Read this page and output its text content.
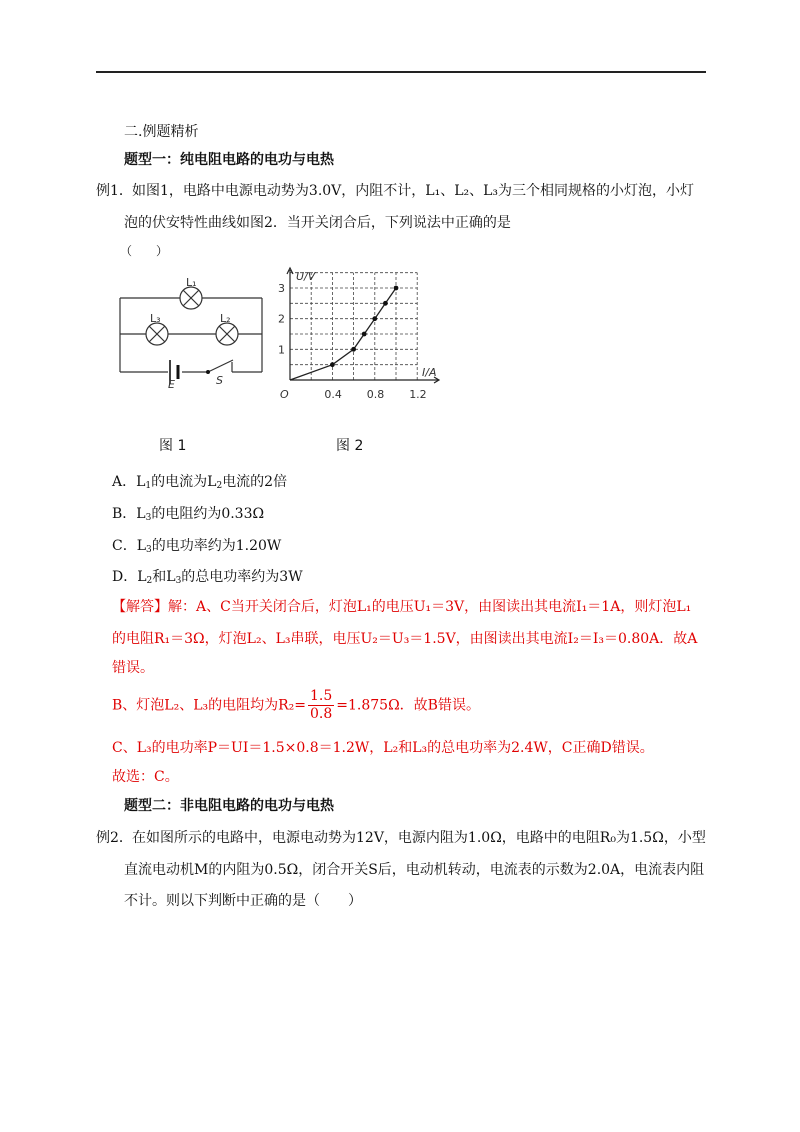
二.例题精析
题型一：纯电阻电路的电功与电热
例1． 如图1，电路中电源电动势为3.0V，内阻不计，L₁、L₂、L₃为三个相同规格的小灯泡，小灯
泡的伏安特性曲线如图2．当开关闭合后，下列说法中正确的是
（　　）
L₁
L₃	L₂
E	S
0.4 0.8 1.2
1
2
3
U/V
I/A
O
图 1	图 2
A．$L_1$的电流为$L_2$电流的2倍
B．$L_3$的电阻约为0.33Ω
C．$L_3$的电功率约为1.20W
D．$L_2$和$L_3$的总电功率约为3W
【解答】解：A、C当开关闭合后，灯泡L₁的电压U₁＝3V，由图读出其电流I₁＝1A，则灯泡L₁
的电阻R₁＝3Ω，灯泡L₂、L₃串联，电压U₂＝U₃＝1.5V，由图读出其电流I₂＝I₃＝0.80A．故A
错误。
B、灯泡L₂、L₃的电阻均为$R_2= \frac{1.5}{0.8} =1.875\Omega$．故B错误。
C、L₃的电功率P＝UI＝1.5×0.8＝1.2W，L₂和L₃的总电功率为2.4W，C正确D错误。
故选：C。
题型二：非电阻电路的电功与电热
例2． 在如图所示的电路中，电源电动势为12V，电源内阻为1.0Ω，电路中的电阻R₀为1.5Ω，小型
直流电动机M的内阻为0.5Ω，闭合开关S后，电动机转动，电流表的示数为2.0A，电流表内阻
不计。则以下判断中正确的是（　　）
